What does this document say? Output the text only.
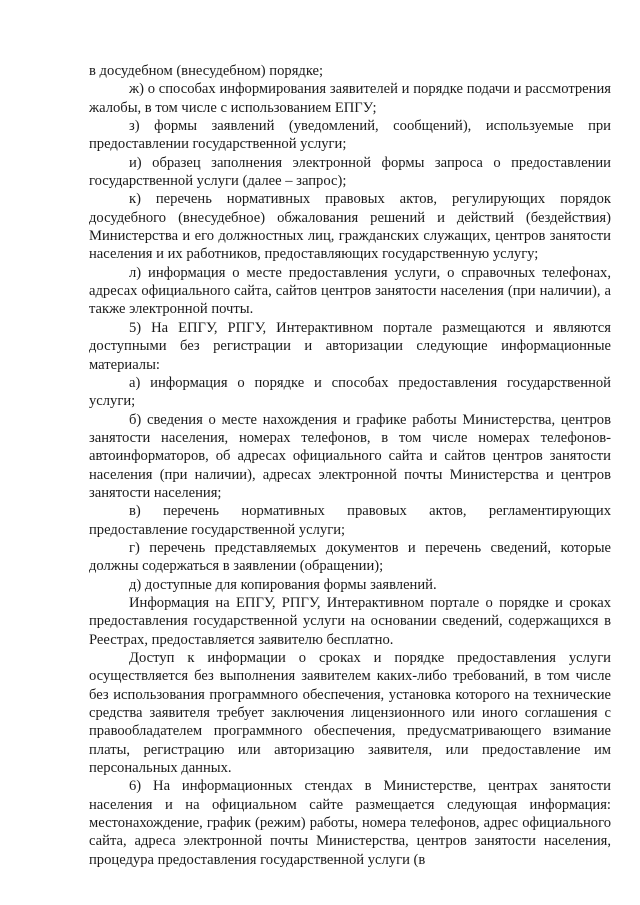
в досудебном (внесудебном) порядке;

ж) о способах информирования заявителей и порядке подачи и рассмотрения жалобы, в том числе с использованием ЕПГУ;

з) формы заявлений (уведомлений, сообщений), используемые при предоставлении государственной услуги;

и) образец заполнения электронной формы запроса о предоставлении государственной услуги (далее – запрос);

к) перечень нормативных правовых актов, регулирующих порядок досудебного (внесудебное) обжалования решений и действий (бездействия) Министерства и его должностных лиц, гражданских служащих, центров занятости населения и их работников, предоставляющих государственную услугу;

л) информация о месте предоставления услуги, о справочных телефонах, адресах официального сайта, сайтов центров занятости населения (при наличии), а также электронной почты.

5) На ЕПГУ, РПГУ, Интерактивном портале размещаются и являются доступными без регистрации и авторизации следующие информационные материалы:

а) информация о порядке и способах предоставления государственной услуги;

б) сведения о месте нахождения и графике работы Министерства, центров занятости населения, номерах телефонов, в том числе номерах телефонов-автоинформаторов, об адресах официального сайта и сайтов центров занятости населения (при наличии), адресах электронной почты Министерства и центров занятости населения;

в) перечень нормативных правовых актов, регламентирующих предоставление государственной услуги;

г) перечень представляемых документов и перечень сведений, которые должны содержаться в заявлении (обращении);

д) доступные для копирования формы заявлений.

Информация на ЕПГУ, РПГУ, Интерактивном портале о порядке и сроках предоставления государственной услуги на основании сведений, содержащихся в Реестрах, предоставляется заявителю бесплатно.

Доступ к информации о сроках и порядке предоставления услуги осуществляется без выполнения заявителем каких-либо требований, в том числе без использования программного обеспечения, установка которого на технические средства заявителя требует заключения лицензионного или иного соглашения с правообладателем программного обеспечения, предусматривающего взимание платы, регистрацию или авторизацию заявителя, или предоставление им персональных данных.

6) На информационных стендах в Министерстве, центрах занятости населения и на официальном сайте размещается следующая информация: местонахождение, график (режим) работы, номера телефонов, адрес официального сайта, адреса электронной почты Министерства, центров занятости населения, процедура предоставления государственной услуги (в
